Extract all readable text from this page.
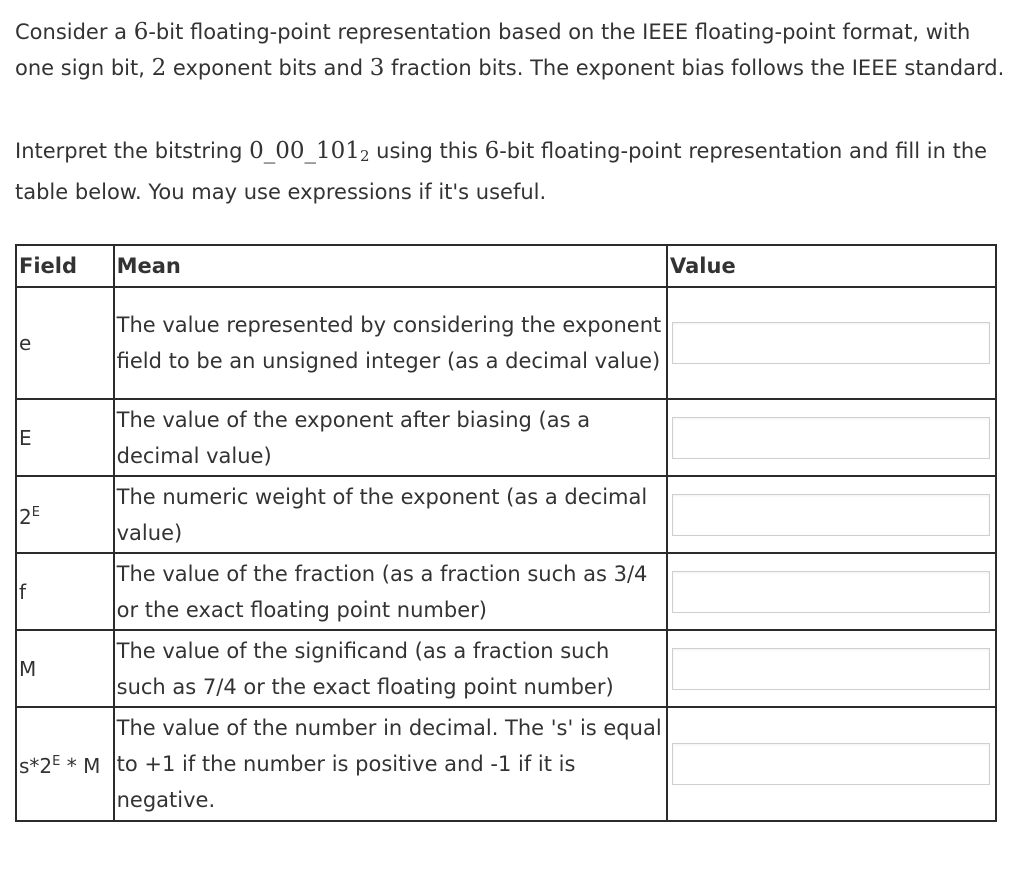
Consider a 6-bit floating-point representation based on the IEEE floating-point format, with one sign bit, 2 exponent bits and 3 fraction bits. The exponent bias follows the IEEE standard.

Interpret the bitstring $0\_00\_101_2$ using this 6-bit floating-point representation and fill in the table below. You may use expressions if it's useful.

Field	Mean	Value
e	The value represented by considering the exponent field to be an unsigned integer (as a decimal value)

E	The value of the exponent after biasing (as a decimal value)

$2^E$	The numeric weight of the exponent (as a decimal value)

f	The value of the fraction (as a fraction such as 3/4 or the exact floating point number)

M	The value of the significand (as a fraction such such as 7/4 or the exact floating point number)

$s*2^E$ * M	The value of the number in decimal. The 's' is equal to +1 if the number is positive and -1 if it is negative.
